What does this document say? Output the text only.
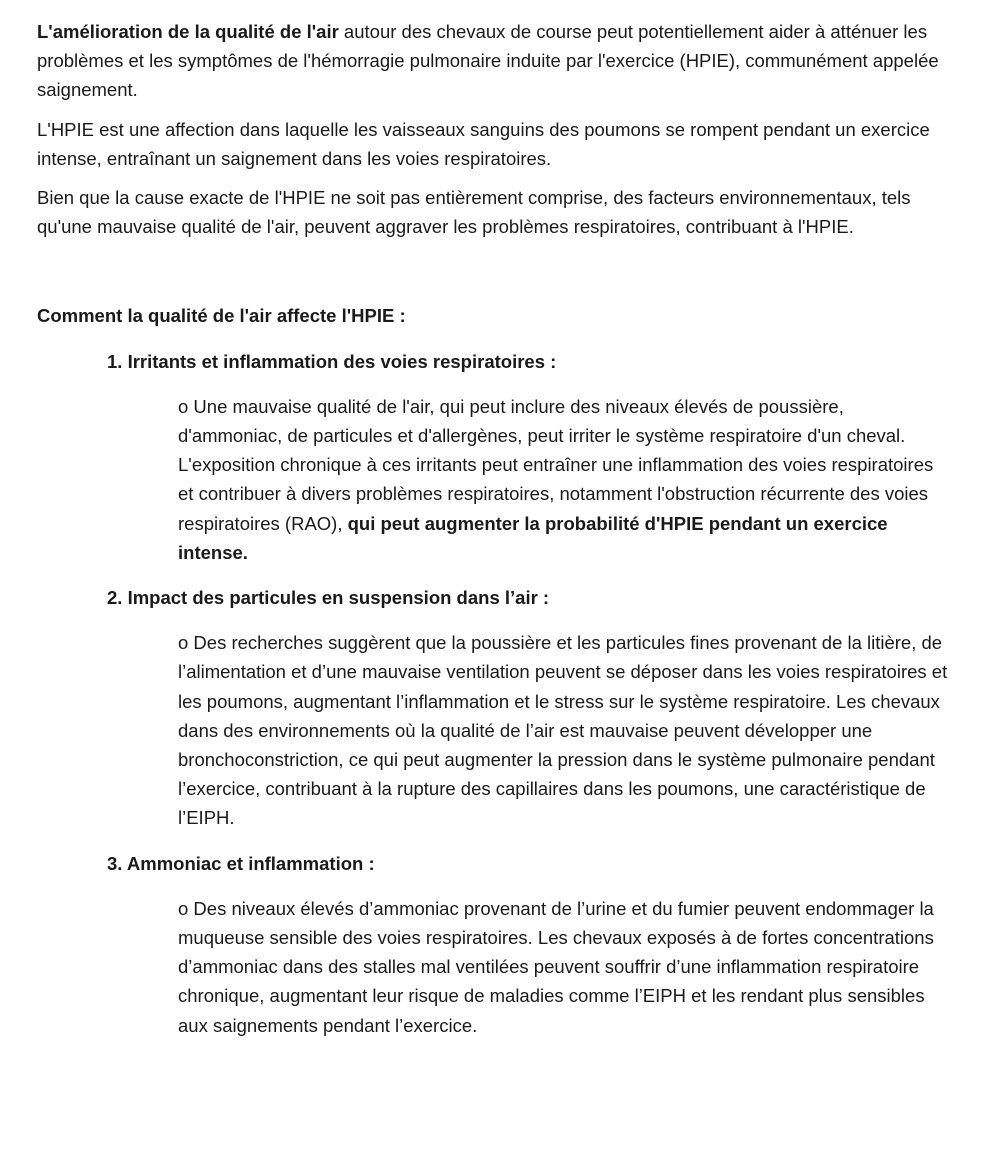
L'amélioration de la qualité de l'air autour des chevaux de course peut potentiellement aider à atténuer les problèmes et les symptômes de l'hémorragie pulmonaire induite par l'exercice (HPIE), communément appelée saignement.

L'HPIE est une affection dans laquelle les vaisseaux sanguins des poumons se rompent pendant un exercice intense, entraînant un saignement dans les voies respiratoires.

Bien que la cause exacte de l'HPIE ne soit pas entièrement comprise, des facteurs environnementaux, tels qu'une mauvaise qualité de l'air, peuvent aggraver les problèmes respiratoires, contribuant à l'HPIE.

Comment la qualité de l'air affecte l'HPIE :

1. Irritants et inflammation des voies respiratoires :

o Une mauvaise qualité de l'air, qui peut inclure des niveaux élevés de poussière, d'ammoniac, de particules et d'allergènes, peut irriter le système respiratoire d'un cheval. L'exposition chronique à ces irritants peut entraîner une inflammation des voies respiratoires et contribuer à divers problèmes respiratoires, notamment l'obstruction récurrente des voies respiratoires (RAO), qui peut augmenter la probabilité d'HPIE pendant un exercice intense.

2. Impact des particules en suspension dans l’air :

o Des recherches suggèrent que la poussière et les particules fines provenant de la litière, de l’alimentation et d’une mauvaise ventilation peuvent se déposer dans les voies respiratoires et les poumons, augmentant l’inflammation et le stress sur le système respiratoire. Les chevaux dans des environnements où la qualité de l’air est mauvaise peuvent développer une bronchoconstriction, ce qui peut augmenter la pression dans le système pulmonaire pendant l’exercice, contribuant à la rupture des capillaires dans les poumons, une caractéristique de l’EIPH.

3. Ammoniac et inflammation :

o Des niveaux élevés d’ammoniac provenant de l’urine et du fumier peuvent endommager la muqueuse sensible des voies respiratoires. Les chevaux exposés à de fortes concentrations d’ammoniac dans des stalles mal ventilées peuvent souffrir d’une inflammation respiratoire chronique, augmentant leur risque de maladies comme l’EIPH et les rendant plus sensibles aux saignements pendant l’exercice.
